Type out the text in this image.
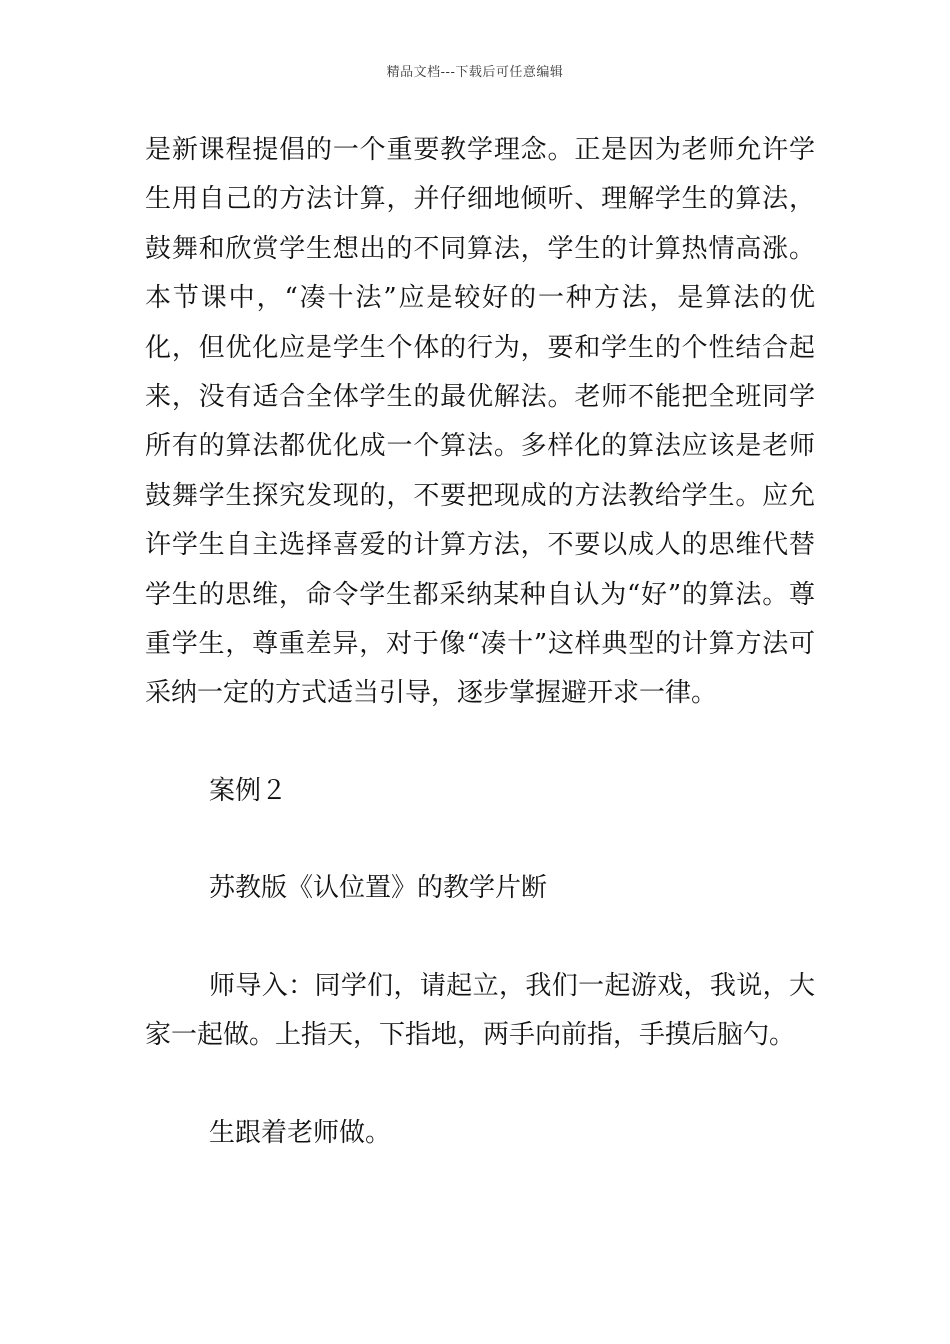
精品文档---下载后可任意编辑

是新课程提倡的一个重要教学理念。正是因为老师允许学生用自己的方法计算，并仔细地倾听、理解学生的算法，鼓舞和欣赏学生想出的不同算法，学生的计算热情高涨。本节课中，“凑十法”应是较好的一种方法，是算法的优化，但优化应是学生个体的行为，要和学生的个性结合起来，没有适合全体学生的最优解法。老师不能把全班同学所有的算法都优化成一个算法。多样化的算法应该是老师鼓舞学生探究发现的，不要把现成的方法教给学生。应允许学生自主选择喜爱的计算方法，不要以成人的思维代替学生的思维，命令学生都采纳某种自认为“好”的算法。尊重学生，尊重差异，对于像“凑十”这样典型的计算方法可采纳一定的方式适当引导，逐步掌握避开求一律。

案例２

苏教版《认位置》的教学片断

师导入：同学们，请起立，我们一起游戏，我说，大家一起做。上指天，下指地，两手向前指，手摸后脑勺。

生跟着老师做。
